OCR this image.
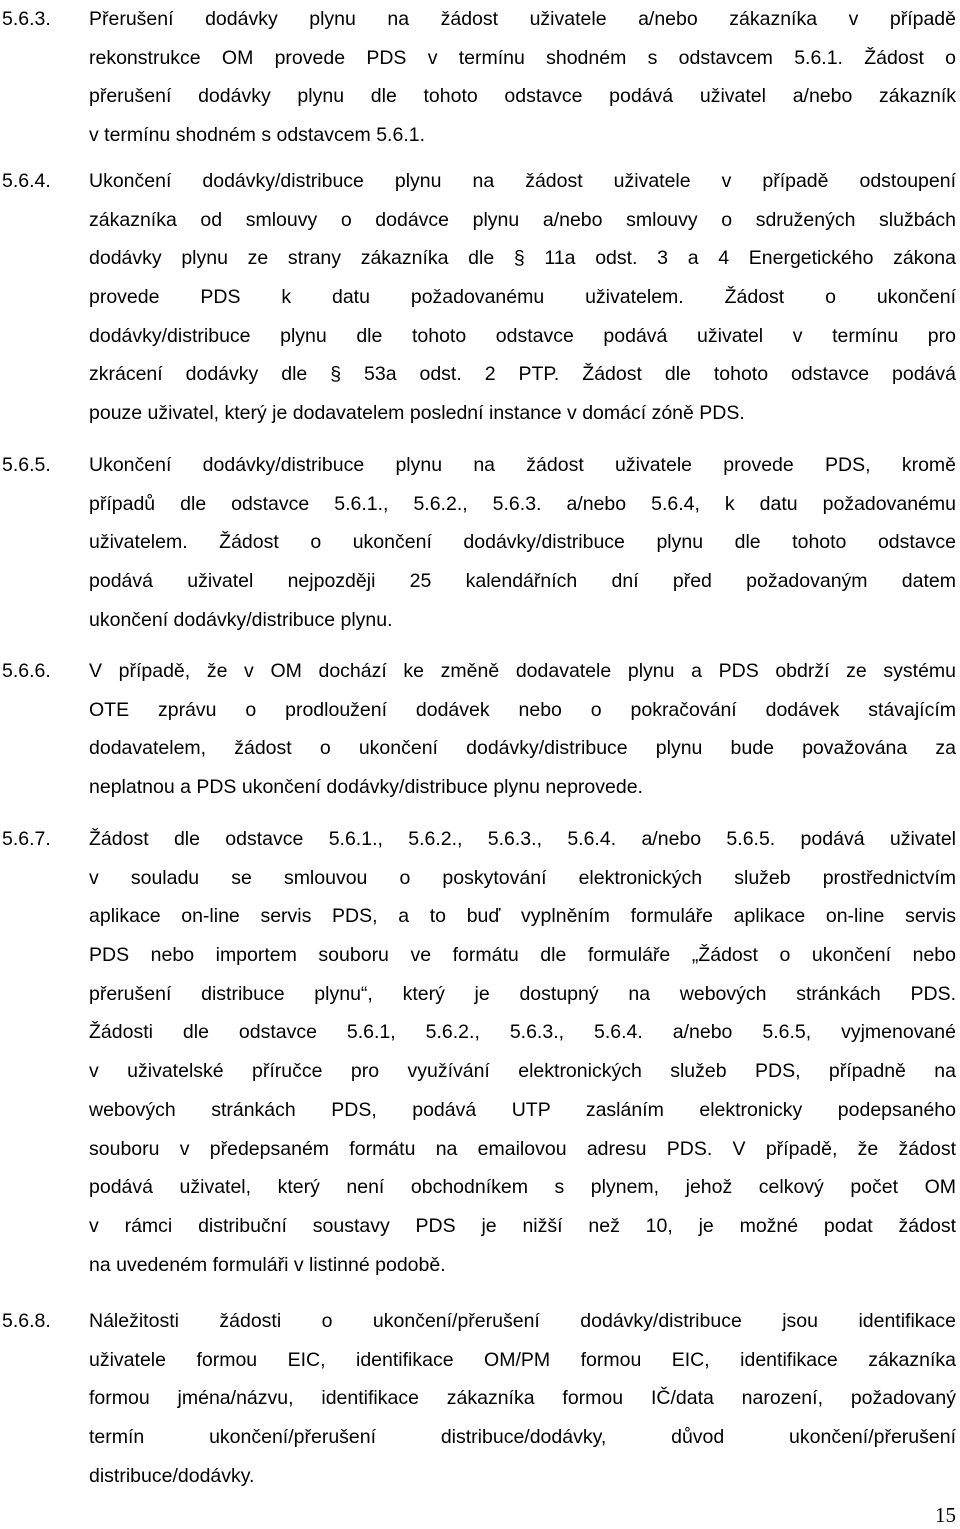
5.6.3. Přerušení dodávky plynu na žádost uživatele a/nebo zákazníka v případě
rekonstrukce OM provede PDS v termínu shodném s odstavcem 5.6.1. Žádost o
přerušení dodávky plynu dle tohoto odstavce podává uživatel a/nebo zákazník
v termínu shodném s odstavcem 5.6.1.
5.6.4. Ukončení dodávky/distribuce plynu na žádost uživatele v případě odstoupení
zákazníka od smlouvy o dodávce plynu a/nebo smlouvy o sdružených službách
dodávky plynu ze strany zákazníka dle § 11a odst. 3 a 4 Energetického zákona
provede PDS k datu požadovanému uživatelem. Žádost o ukončení
dodávky/distribuce plynu dle tohoto odstavce podává uživatel v termínu pro
zkrácení dodávky dle § 53a odst. 2 PTP. Žádost dle tohoto odstavce podává
pouze uživatel, který je dodavatelem poslední instance v domácí zóně PDS.
5.6.5. Ukončení dodávky/distribuce plynu na žádost uživatele provede PDS, kromě
případů dle odstavce 5.6.1., 5.6.2., 5.6.3. a/nebo 5.6.4, k datu požadovanému
uživatelem. Žádost o ukončení dodávky/distribuce plynu dle tohoto odstavce
podává uživatel nejpozději 25 kalendářních dní před požadovaným datem
ukončení dodávky/distribuce plynu.
5.6.6. V případě, že v OM dochází ke změně dodavatele plynu a PDS obdrží ze systému
OTE zprávu o prodloužení dodávek nebo o pokračování dodávek stávajícím
dodavatelem, žádost o ukončení dodávky/distribuce plynu bude považována za
neplatnou a PDS ukončení dodávky/distribuce plynu neprovede.
5.6.7. Žádost dle odstavce 5.6.1., 5.6.2., 5.6.3., 5.6.4. a/nebo 5.6.5. podává uživatel
v souladu se smlouvou o poskytování elektronických služeb prostřednictvím
aplikace on-line servis PDS, a to buď vyplněním formuláře aplikace on-line servis
PDS nebo importem souboru ve formátu dle formuláře „Žádost o ukončení nebo
přerušení distribuce plynu“, který je dostupný na webových stránkách PDS.
Žádosti dle odstavce 5.6.1, 5.6.2., 5.6.3., 5.6.4. a/nebo 5.6.5, vyjmenované
v uživatelské příručce pro využívání elektronických služeb PDS, případně na
webových stránkách PDS, podává UTP zasláním elektronicky podepsaného
souboru v předepsaném formátu na emailovou adresu PDS. V případě, že žádost
podává uživatel, který není obchodníkem s plynem, jehož celkový počet OM
v rámci distribuční soustavy PDS je nižší než 10, je možné podat žádost
na uvedeném formuláři v listinné podobě.
5.6.8. Náležitosti žádosti o ukončení/přerušení dodávky/distribuce jsou identifikace
uživatele formou EIC, identifikace OM/PM formou EIC, identifikace zákazníka
formou jména/názvu, identifikace zákazníka formou IČ/data narození, požadovaný
termín ukončení/přerušení distribuce/dodávky, důvod ukončení/přerušení
distribuce/dodávky.
15
